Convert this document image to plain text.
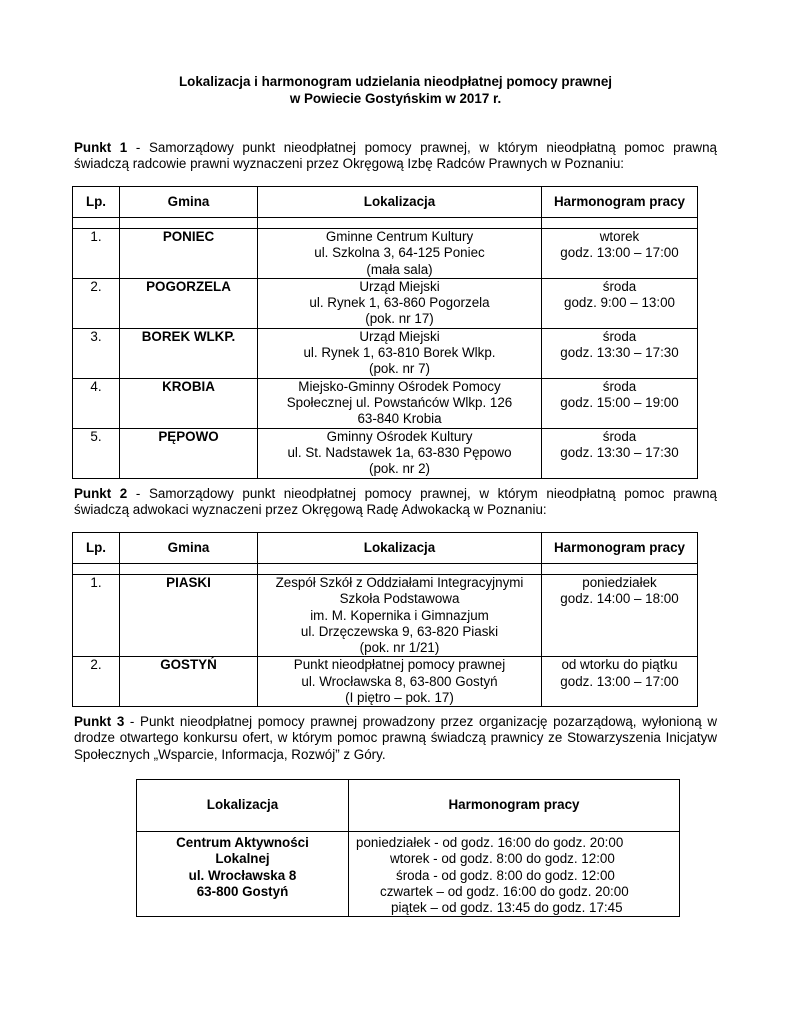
Lokalizacja i harmonogram udzielania nieodpłatnej pomocy prawnej
w Powiecie Gostyńskim w 2017 r.
Punkt 1 - Samorządowy punkt nieodpłatnej pomocy prawnej, w którym nieodpłatną pomoc prawną świadczą radcowie prawni wyznaczeni przez Okręgową Izbę Radców Prawnych w Poznaniu:
Lp.	Gmina	Lokalizacja	Harmonogram pracy

1.	PONIEC	Gminne Centrum Kultury
ul. Szkolna 3, 64-125 Poniec
(mała sala)	wtorek
godz. 13:00 – 17:00

2.	POGORZELA	Urząd Miejski
ul. Rynek 1, 63-860 Pogorzela
(pok. nr 17)	środa
godz. 9:00 – 13:00

3.	BOREK WLKP.	Urząd Miejski
ul. Rynek 1, 63-810 Borek Wlkp.
(pok. nr 7)	środa
godz. 13:30 – 17:30

4.	KROBIA	Miejsko-Gminny Ośrodek Pomocy
Społecznej ul. Powstańców Wlkp. 126
63-840 Krobia	środa
godz. 15:00 – 19:00

5.	PĘPOWO	Gminny Ośrodek Kultury
ul. St. Nadstawek 1a, 63-830 Pępowo
(pok. nr 2)	środa
godz. 13:30 – 17:30
Punkt 2 - Samorządowy punkt nieodpłatnej pomocy prawnej, w którym nieodpłatną pomoc prawną świadczą adwokaci wyznaczeni przez Okręgową Radę Adwokacką w Poznaniu:
Lp.	Gmina	Lokalizacja	Harmonogram pracy

1.	PIASKI	Zespół Szkół z Oddziałami Integracyjnymi
Szkoła Podstawowa
im. M. Kopernika i Gimnazjum
ul. Drzęczewska 9, 63-820 Piaski
(pok. nr 1/21)	poniedziałek
godz. 14:00 – 18:00

2.	GOSTYŃ	Punkt nieodpłatnej pomocy prawnej
ul. Wrocławska 8, 63-800 Gostyń
(I piętro – pok. 17)	od wtorku do piątku
godz. 13:00 – 17:00
Punkt 3 - Punkt nieodpłatnej pomocy prawnej prowadzony przez organizację pozarządową, wyłonioną w drodze otwartego konkursu ofert, w którym pomoc prawną świadczą prawnicy ze Stowarzyszenia Inicjatyw Społecznych „Wsparcie, Informacja, Rozwój” z Góry.
Lokalizacja	Harmonogram pracy

Centrum Aktywności
Lokalnej
ul. Wrocławska 8
63-800 Gostyń	poniedziałek - od godz. 16:00 do godz. 20:00
wtorek - od godz. 8:00 do godz. 12:00
środa - od godz. 8:00 do godz. 12:00
czwartek – od godz. 16:00 do godz. 20:00
piątek – od godz. 13:45 do godz. 17:45
